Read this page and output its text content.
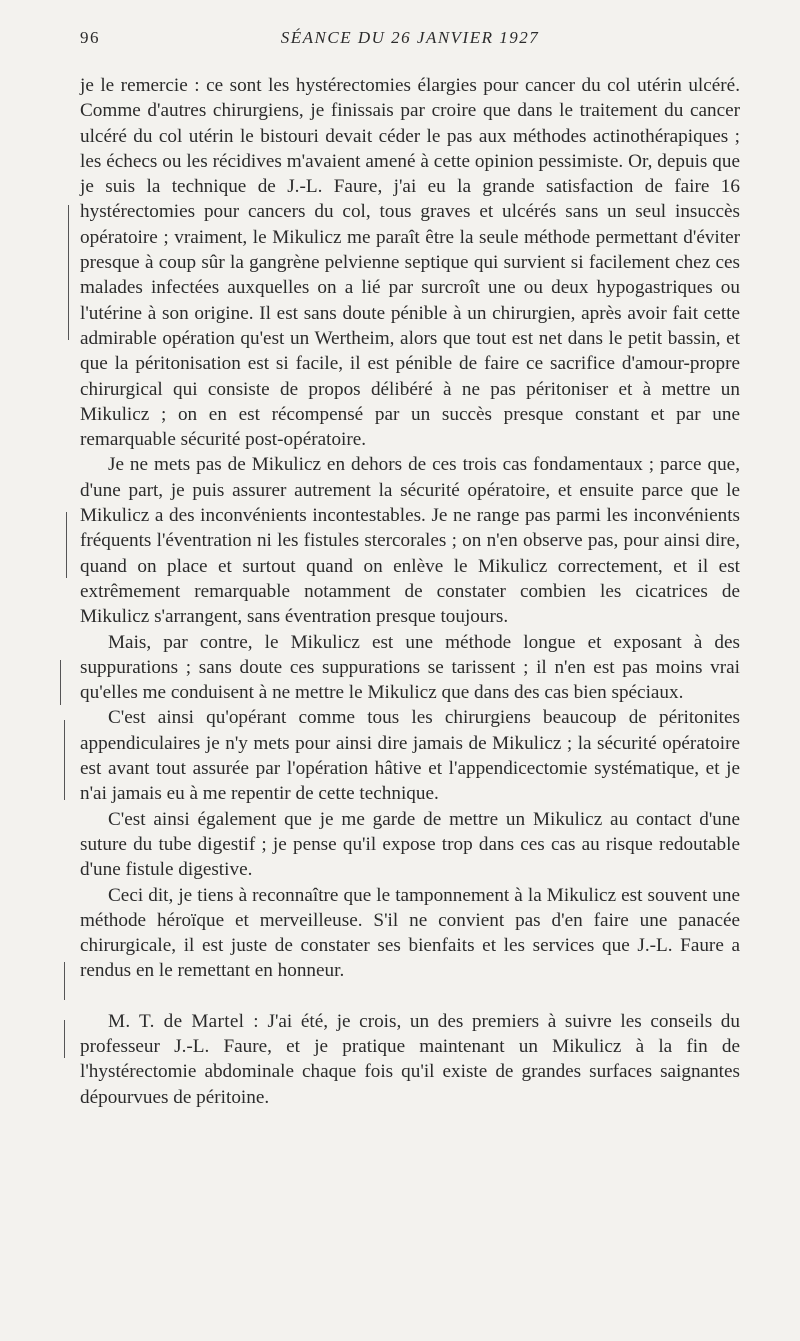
96	SÉANCE DU 26 JANVIER 1927

je le remercie : ce sont les hystérectomies élargies pour cancer du col utérin ulcéré. Comme d'autres chirurgiens, je finissais par croire que dans le traitement du cancer ulcéré du col utérin le bistouri devait céder le pas aux méthodes actinothérapiques ; les échecs ou les récidives m'avaient amené à cette opinion pessimiste. Or, depuis que je suis la technique de J.-L. Faure, j'ai eu la grande satisfaction de faire 16 hystérectomies pour cancers du col, tous graves et ulcérés sans un seul insuccès opératoire ; vraiment, le Mikulicz me paraît être la seule méthode permettant d'éviter presque à coup sûr la gangrène pelvienne septique qui survient si facilement chez ces malades infectées auxquelles on a lié par surcroît une ou deux hypogastriques ou l'utérine à son origine. Il est sans doute pénible à un chirurgien, après avoir fait cette admirable opération qu'est un Wertheim, alors que tout est net dans le petit bassin, et que la péritonisation est si facile, il est pénible de faire ce sacrifice d'amour-propre chirurgical qui consiste de propos délibéré à ne pas péritoniser et à mettre un Mikulicz ; on en est récompensé par un succès presque constant et par une remarquable sécurité post-opératoire.

Je ne mets pas de Mikulicz en dehors de ces trois cas fondamentaux ; parce que, d'une part, je puis assurer autrement la sécurité opératoire, et ensuite parce que le Mikulicz a des inconvénients incontestables. Je ne range pas parmi les inconvénients fréquents l'éventration ni les fistules stercorales ; on n'en observe pas, pour ainsi dire, quand on place et surtout quand on enlève le Mikulicz correctement, et il est extrêmement remarquable notamment de constater combien les cicatrices de Mikulicz s'arrangent, sans éventration presque toujours.

Mais, par contre, le Mikulicz est une méthode longue et exposant à des suppurations ; sans doute ces suppurations se tarissent ; il n'en est pas moins vrai qu'elles me conduisent à ne mettre le Mikulicz que dans des cas bien spéciaux.

C'est ainsi qu'opérant comme tous les chirurgiens beaucoup de péritonites appendiculaires je n'y mets pour ainsi dire jamais de Mikulicz ; la sécurité opératoire est avant tout assurée par l'opération hâtive et l'appendicectomie systématique, et je n'ai jamais eu à me repentir de cette technique.

C'est ainsi également que je me garde de mettre un Mikulicz au contact d'une suture du tube digestif ; je pense qu'il expose trop dans ces cas au risque redoutable d'une fistule digestive.

Ceci dit, je tiens à reconnaître que le tamponnement à la Mikulicz est souvent une méthode héroïque et merveilleuse. S'il ne convient pas d'en faire une panacée chirurgicale, il est juste de constater ses bienfaits et les services que J.-L. Faure a rendus en le remettant en honneur.

M. T. de Martel : J'ai été, je crois, un des premiers à suivre les conseils du professeur J.-L. Faure, et je pratique maintenant un Mikulicz à la fin de l'hystérectomie abdominale chaque fois qu'il existe de grandes surfaces saignantes dépourvues de péritoine.
